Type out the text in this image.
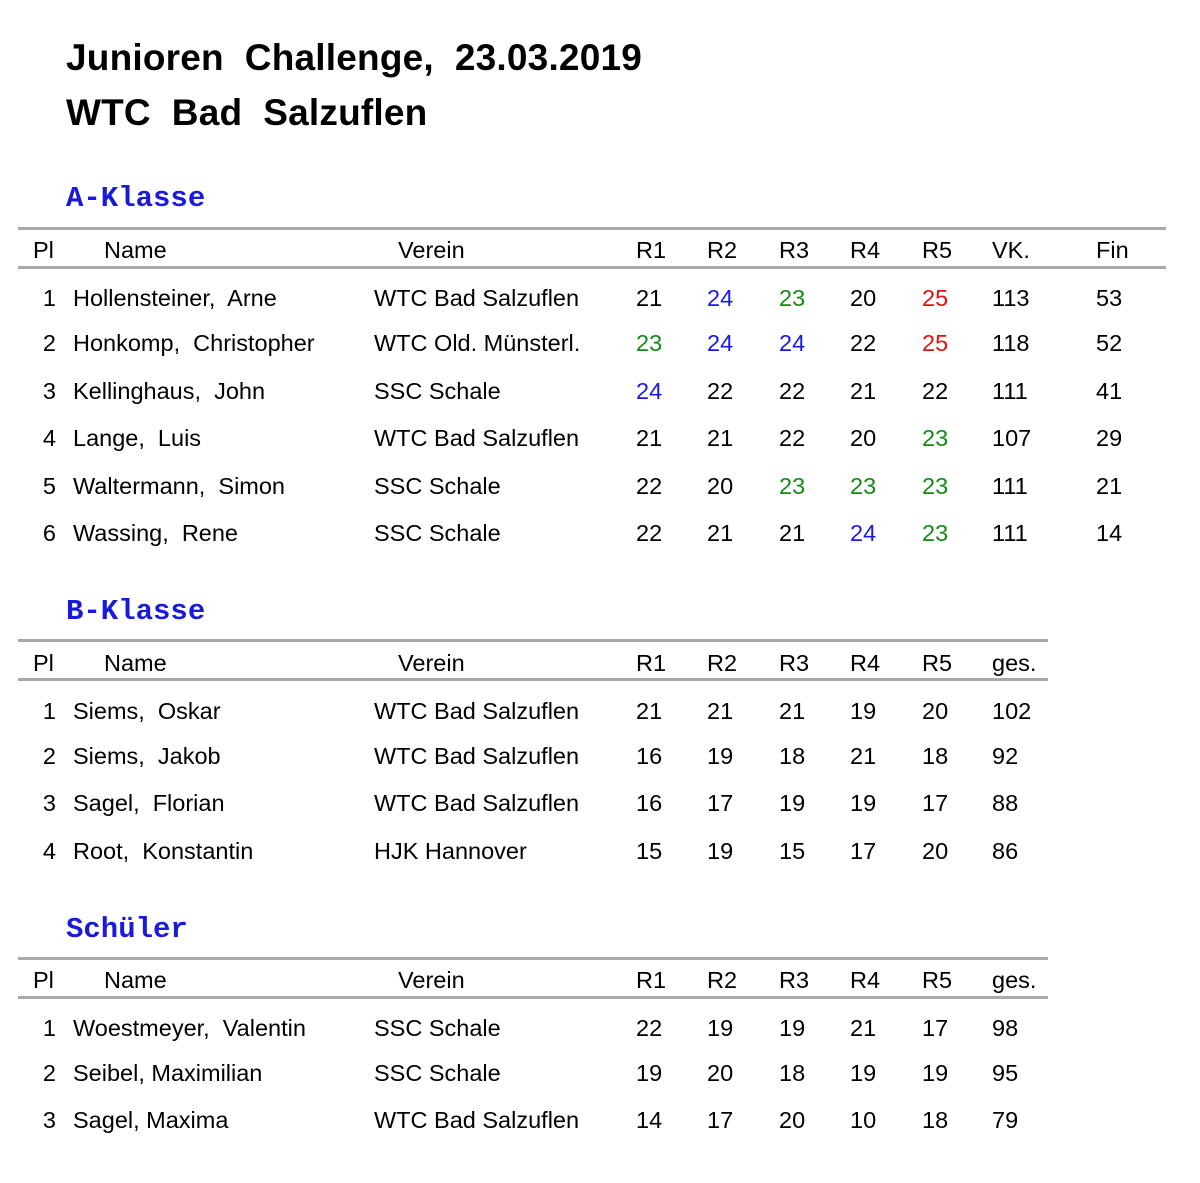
Junioren  Challenge,  23.03.2019
WTC  Bad  Salzuflen
A-Klasse
Pl Name	Verein	R1 R2 R3 R4 R5 VK.	Fin
1 Hollensteiner,  Arne	WTC Bad Salzuflen 21 24 23 20 25 113	53
2 Honkomp,  Christopher	WTC Old. Münsterl. 23 24 24 22 25 118	52
3 Kellinghaus,  John	SSC Schale	24 22 22 21 22 111	41
4 Lange,  Luis	WTC Bad Salzuflen 21 21 22 20 23 107	29
5 Waltermann,  Simon	SSC Schale	22 20 23 23 23 111	21
6 Wassing,  Rene	SSC Schale	22 21 21 24 23 111	14
B-Klasse
Pl Name	Verein	R1 R2 R3 R4 R5 ges.
1 Siems,  Oskar	WTC Bad Salzuflen 21 21 21 19 20 102
2 Siems,  Jakob	WTC Bad Salzuflen 16 19 18 21 18 92
3 Sagel,  Florian	WTC Bad Salzuflen 16 17 19 19 17 88
4 Root,  Konstantin	HJK Hannover	15 19 15 17 20 86
Schüler
Pl Name	Verein	R1 R2 R3 R4 R5 ges.
1 Woestmeyer,  Valentin	SSC Schale	22 19 19 21 17 98
2 Seibel, Maximilian	SSC Schale	19 20 18 19 19 95
3 Sagel, Maxima	WTC Bad Salzuflen 14 17 20 10 18 79
